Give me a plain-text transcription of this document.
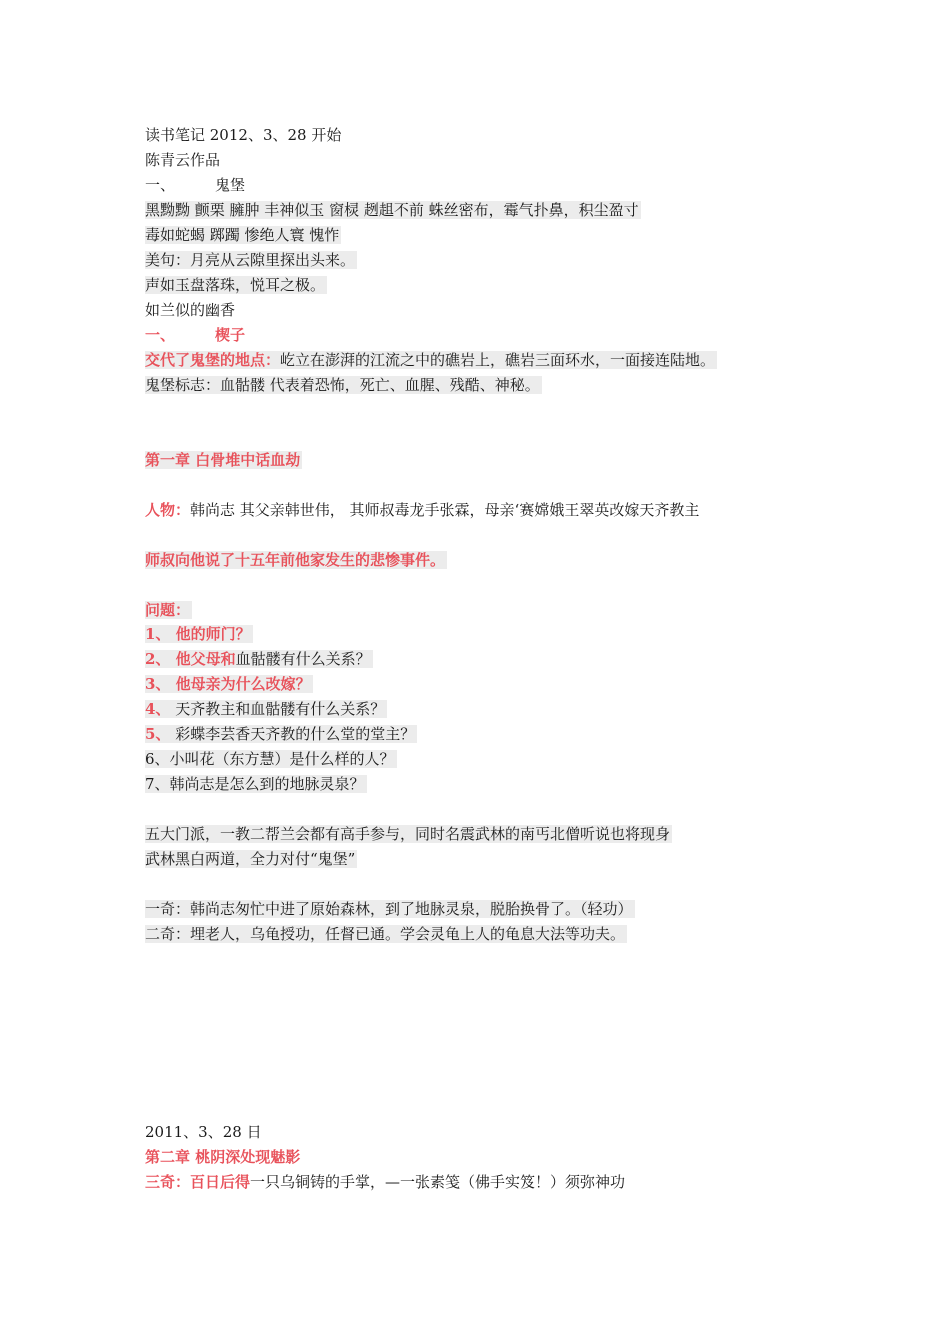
读书笔记 2012、3、28 开始
陈青云作品
一、	鬼堡
黑黝黝 颤栗 臃肿 丰神似玉 窗棂 趔趄不前 蛛丝密布，霉气扑鼻，积尘盈寸
毒如蛇蝎 踯躅 惨绝人寰 愧怍
美句：月亮从云隙里探出头来。
声如玉盘落珠，悦耳之极。
如兰似的幽香
一、	楔子
交代了鬼堡的地点：屹立在澎湃的江流之中的礁岩上，礁岩三面环水，一面接连陆地。
鬼堡标志：血骷髅 代表着恐怖，死亡、血腥、残酷、神秘。
第一章 白骨堆中话血劫
人物：韩尚志 其父亲韩世伟， 其师叔毒龙手张霖，母亲‘赛嫦娥王翠英改嫁天齐教主
师叔向他说了十五年前他家发生的悲惨事件。
问题：
1、 他的师门？
2、 他父母和血骷髅有什么关系？
3、 他母亲为什么改嫁？
4、 天齐教主和血骷髅有什么关系？
5、 彩蝶李芸香天齐教的什么堂的堂主？
6、小叫花（东方慧）是什么样的人？
7、韩尚志是怎么到的地脉灵泉？
五大门派，一教二帮兰会都有高手参与，同时名震武林的南丐北僧听说也将现身
武林黑白两道，全力对付“鬼堡”
一奇：韩尚志匆忙中进了原始森林，到了地脉灵泉，脱胎换骨了。（轻功）
二奇：埋老人，乌龟授功，任督已通。学会灵龟上人的龟息大法等功夫。
2011、3、28 日
第二章 桃阴深处现魅影
三奇：百日后得一只乌铜铸的手掌，—一张素笺（佛手实笈！）须弥神功
